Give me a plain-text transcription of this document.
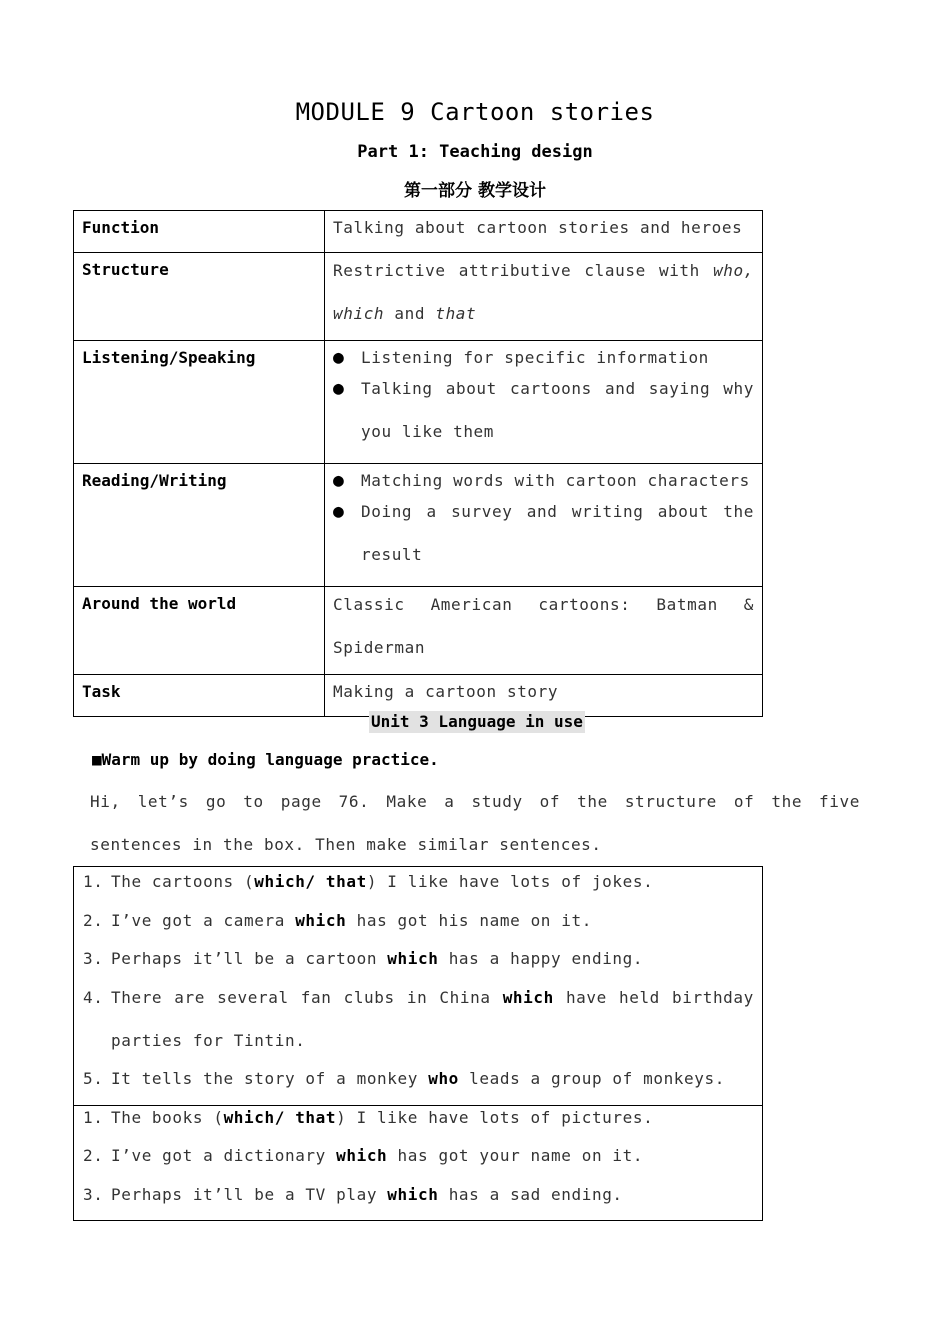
MODULE 9 Cartoon stories
Part 1: Teaching design
第一部分 教学设计
Function	Talking about cartoon stories and heroes
Structure	Restrictive attributive clause with who, which and that

Listening/Speaking	● Listening for specific information
● Talking about cartoons and saying why you like them

Reading/Writing	● Matching words with cartoon characters
● Doing a survey and writing about the result

Around the world	Classic American cartoons: Batman & Spiderman

Task	Making a cartoon story
Unit 3 Language in use
■Warm up by doing language practice.
Hi, let’s go to page 76. Make a study of the structure of the five sentences in the box. Then make similar sentences.
1. The cartoons (which/ that) I like have lots of jokes.
2. I’ve got a camera which has got his name on it.
3. Perhaps it’ll be a cartoon which has a happy ending.
4. There are several fan clubs in China which have held birthday
parties for Tintin.
5. It tells the story of a monkey who leads a group of monkeys.
1. The books (which/ that) I like have lots of pictures.
2. I’ve got a dictionary which has got your name on it.
3. Perhaps it’ll be a TV play which has a sad ending.
